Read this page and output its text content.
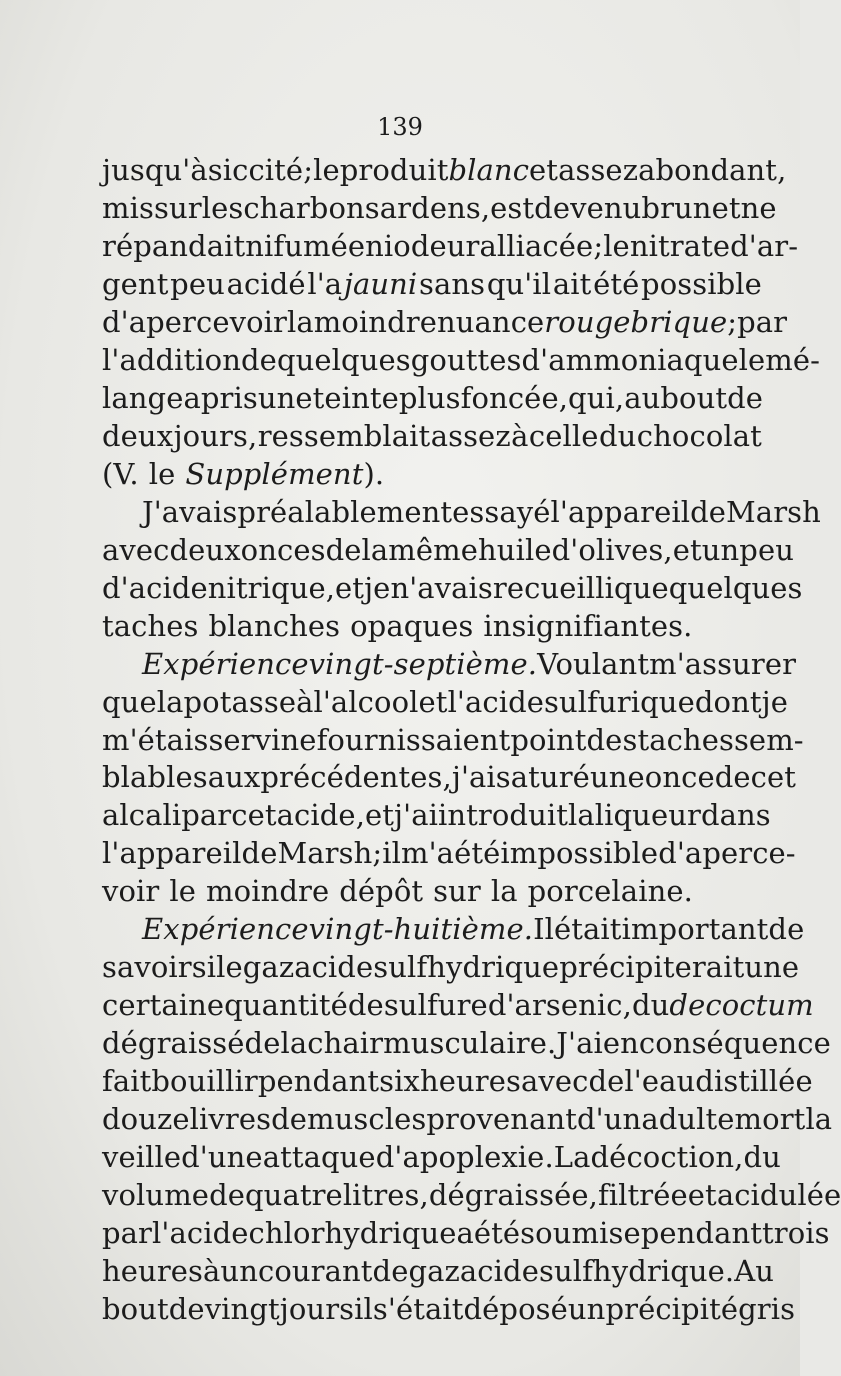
139
jusqu'à siccité ; le produit blanc et assez abondant ,
mis sur les charbons ardens , est devenu brun et ne
répandait ni fumée ni odeur alliacée ; le nitrate d'ar-
gent peu acidé l'a jauni sans qu'il ait été possible
d'apercevoir la moindre nuance rouge brique ; par
l'addition de quelques gouttes d'ammoniaque le mé-
lange a pris une teinte plus foncée , qui, au bout de
deux jours, ressemblait assez à celle du chocolat
(V. le Supplément).
J'avais préalablement essayé l'appareil de Marsh
avec deux onces de la même huile d'olives, et un peu
d'acide nitrique, et je n'avais recueilli que quelques
taches blanches opaques insignifiantes.
Expérience vingt-septième. Voulant m'assurer
que la potasse à l'alcool et l'acide sulfurique dont je
m'étais servi ne fournissaient point des taches sem-
blables aux précédentes, j'ai saturé une once de cet
alcali par cet acide , et j'ai introduit la liqueur dans
l'appareil de Marsh ; il m'a été impossible d'aperce-
voir le moindre dépôt sur la porcelaine.
Expérience vingt-huitième. Il était important de
savoir si le gaz acide sulfhydrique précipiterait une
certaine quantité de sulfure d'arsenic , du decoctum
dégraissé de la chair musculaire. J'ai en conséquence
fait bouillir pendant six heures avec de l'eau distillée
douze livres de muscles provenant d'un adulte mort la
veille d'une attaque d'apoplexie. La décoction , du
volume de quatre litres, dégraissée, filtrée et acidulée
par l'acide chlorhydrique a été soumise pendant trois
heures à un courant de gaz acide sulfhydrique. Au
bout de vingt jours il s'était déposé un précipité gris
